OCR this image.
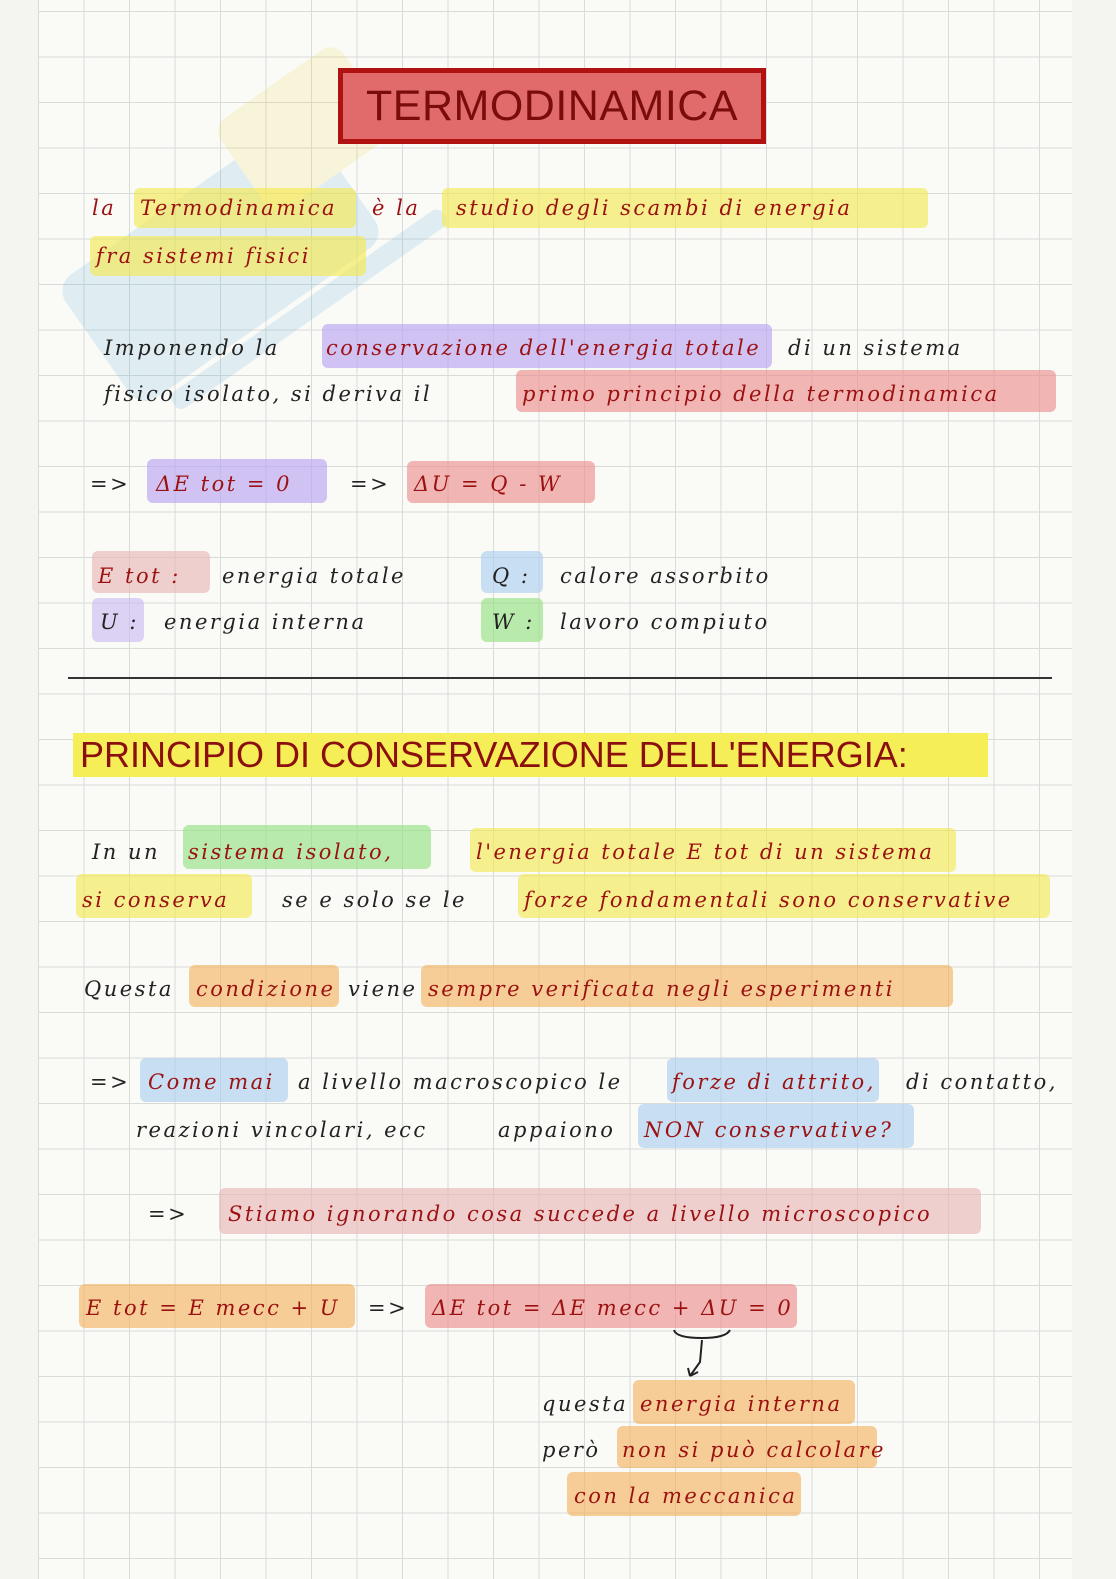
TERMODINAMICA
la Termodinamica è la studio degli scambi di energia
fra sistemi fisici
Imponendo la conservazione dell'energia totale di un sistema
fisico isolato, si deriva il	primo principio della termodinamica
=> ΔE tot = 0	=> ΔU = Q - W
E tot : energia totale	Q : calore assorbito
U : energia interna	W : lavoro compiuto
PRINCIPIO DI CONSERVAZIONE DELL'ENERGIA:
In un sistema isolato,	l'energia totale E tot di un sistema
si conserva	se e solo se le	forze fondamentali sono conservative
Questa condizione viene sempre verificata negli esperimenti
=> Come mai a livello macroscopico le forze di attrito, di contatto,
reazioni vincolari, ecc	appaiono NON conservative?
=> Stiamo ignorando cosa succede a livello microscopico
E tot = E mecc + U => ΔE tot = ΔE mecc + ΔU = 0
questa energia interna
però non si può calcolare
con la meccanica
